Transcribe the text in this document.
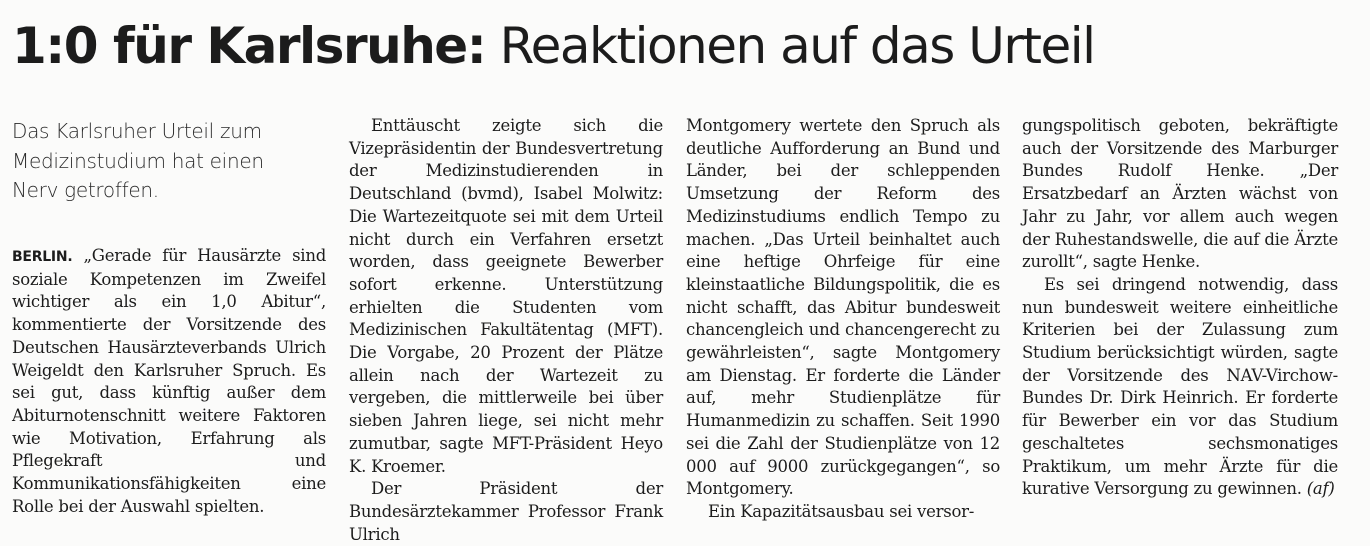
1:0 für Karlsruhe: Reaktionen auf das Urteil
Das Karlsruher Urteil zum Medizinstudium hat einen Nerv getroffen.

BERLIN. „Gerade für Hausärzte sind soziale Kompetenzen im Zweifel wichtiger als ein 1,0 Abitur“, kommentierte der Vorsitzende des Deutschen Hausärzteverbands Ulrich Weigeldt den Karlsruher Spruch. Es sei gut, dass künftig außer dem Abiturnotenschnitt weitere Faktoren wie Motivation, Erfahrung als Pflegekraft und Kommunikationsfähigkeiten eine Rolle bei der Auswahl spielten.

Enttäuscht zeigte sich die Vizepräsidentin der Bundesvertretung der Medizinstudierenden in Deutschland (bvmd), Isabel Molwitz: Die Wartezeitquote sei mit dem Urteil nicht durch ein Verfahren ersetzt worden, dass geeignete Bewerber sofort erkenne. Unterstützung erhielten die Studenten vom Medizinischen Fakultätentag (MFT). Die Vorgabe, 20 Prozent der Plätze allein nach der Wartezeit zu vergeben, die mittlerweile bei über sieben Jahren liege, sei nicht mehr zumutbar, sagte MFT-Präsident Heyo K. Kroemer.

Der Präsident der Bundesärztekammer Professor Frank Ulrich

Montgomery wertete den Spruch als deutliche Aufforderung an Bund und Länder, bei der schleppenden Umsetzung der Reform des Medizinstudiums endlich Tempo zu machen. „Das Urteil beinhaltet auch eine heftige Ohrfeige für eine kleinstaatliche Bildungspolitik, die es nicht schafft, das Abitur bundesweit chancengleich und chancengerecht zu gewährleisten“, sagte Montgomery am Dienstag. Er forderte die Länder auf, mehr Studienplätze für Humanmedizin zu schaffen. Seit 1990 sei die Zahl der Studienplätze von 12 000 auf 9000 zurückgegangen“, so Montgomery.

Ein Kapazitätsausbau sei versor-

gungspolitisch geboten, bekräftigte auch der Vorsitzende des Marburger Bundes Rudolf Henke. „Der Ersatzbedarf an Ärzten wächst von Jahr zu Jahr, vor allem auch wegen der Ruhestandswelle, die auf die Ärzte zurollt“, sagte Henke.

Es sei dringend notwendig, dass nun bundesweit weitere einheitliche Kriterien bei der Zulassung zum Studium berücksichtigt würden, sagte der Vorsitzende des NAV-Virchow-Bundes Dr. Dirk Heinrich. Er forderte für Bewerber ein vor das Studium geschaltetes sechsmonatiges Praktikum, um mehr Ärzte für die kurative Versorgung zu gewinnen. (af)
